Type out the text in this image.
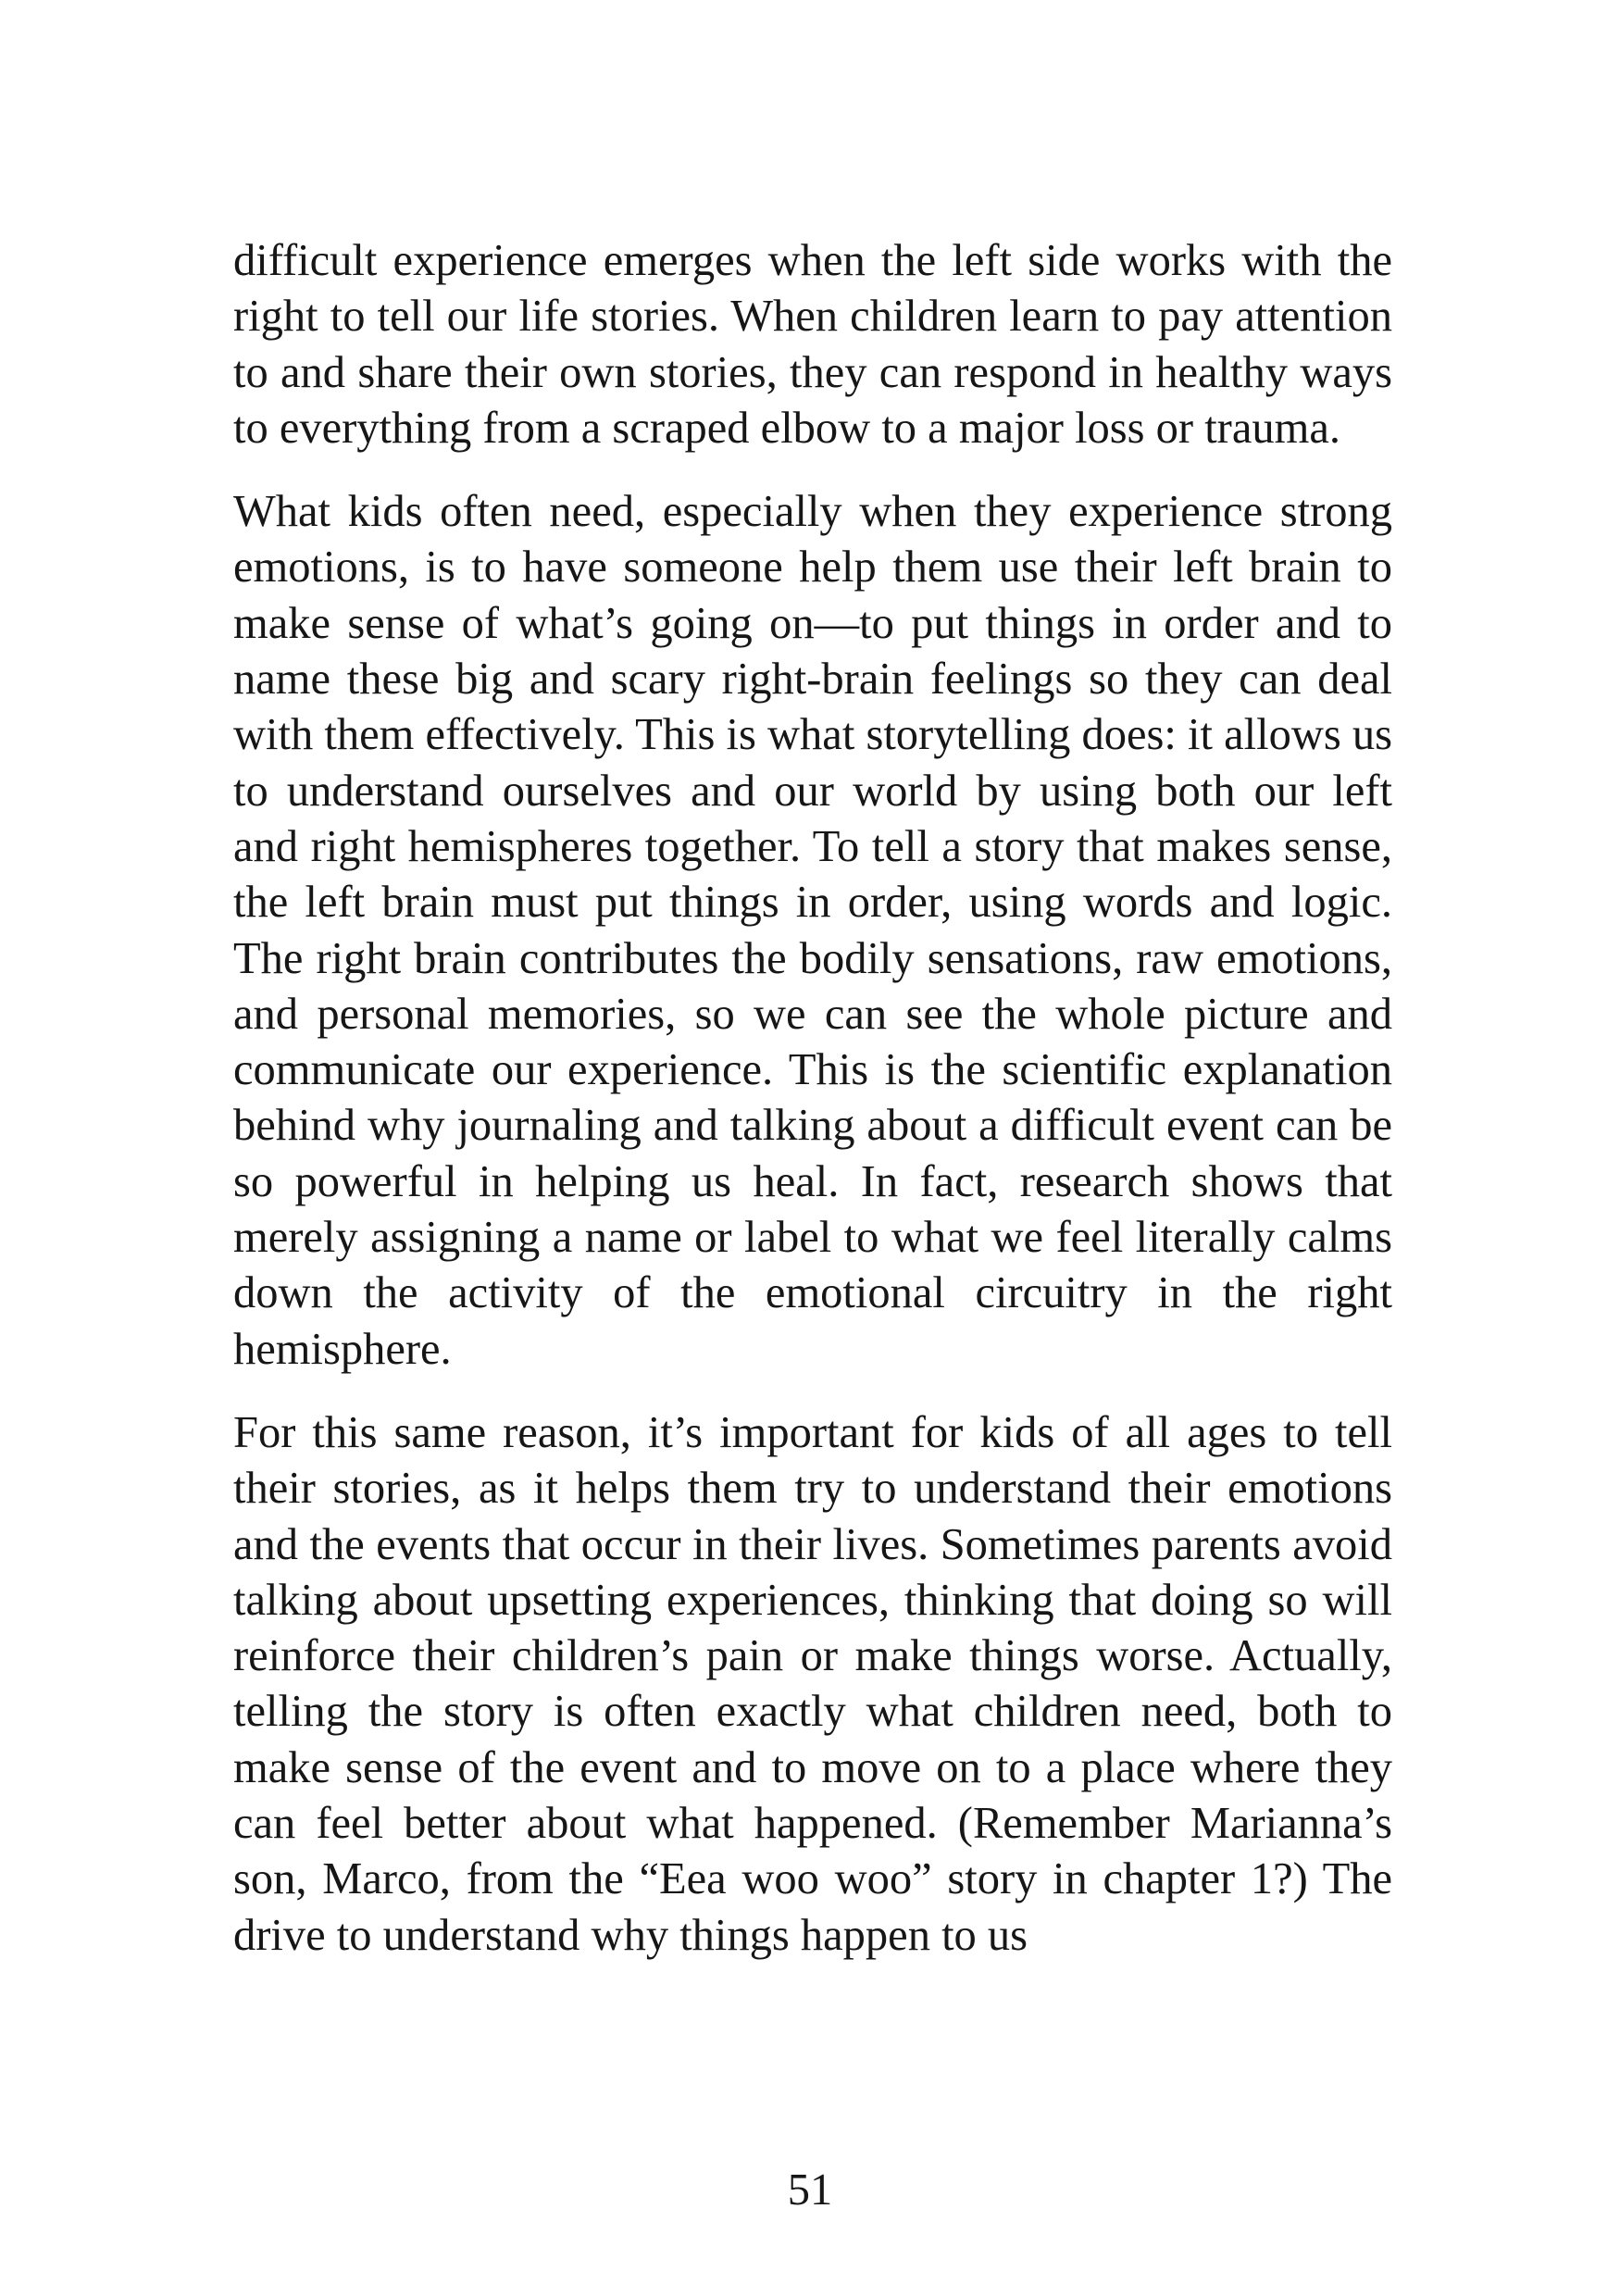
difficult experience emerges when the left side works with the right to tell our life stories. When children learn to pay attention to and share their own stories, they can respond in healthy ways to everything from a scraped elbow to a major loss or trauma.

What kids often need, especially when they experience strong emotions, is to have someone help them use their left brain to make sense of what’s going on—to put things in order and to name these big and scary right-brain feelings so they can deal with them effectively. This is what storytelling does: it allows us to understand ourselves and our world by using both our left and right hemispheres together. To tell a story that makes sense, the left brain must put things in order, using words and logic. The right brain contributes the bodily sensations, raw emotions, and personal memories, so we can see the whole picture and communicate our experience. This is the scientific explanation behind why journaling and talking about a difficult event can be so powerful in helping us heal. In fact, research shows that merely assigning a name or label to what we feel literally calms down the activity of the emotional circuitry in the right hemisphere.

For this same reason, it’s important for kids of all ages to tell their stories, as it helps them try to understand their emotions and the events that occur in their lives. Sometimes parents avoid talking about upsetting experiences, thinking that doing so will reinforce their children’s pain or make things worse. Actually, telling the story is often exactly what children need, both to make sense of the event and to move on to a place where they can feel better about what happened. (Remember Marianna’s son, Marco, from the “Eea woo woo” story in chapter 1?) The drive to understand why things happen to us

51
